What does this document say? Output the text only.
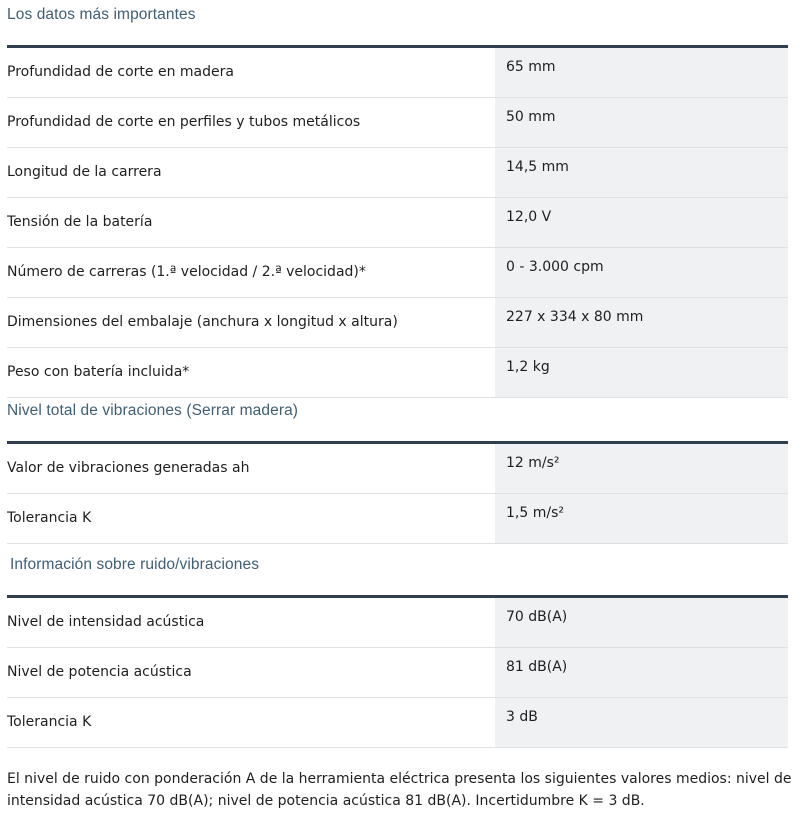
Los datos más importantes
Profundidad de corte en madera	65 mm
Profundidad de corte en perfiles y tubos metálicos	50 mm
Longitud de la carrera	14,5 mm
Tensión de la batería	12,0 V
Número de carreras (1.ª velocidad / 2.ª velocidad)*	0 - 3.000 cpm
Dimensiones del embalaje (anchura x longitud x altura)	227 x 334 x 80 mm
Peso con batería incluida*	1,2 kg
Nivel total de vibraciones (Serrar madera)
Valor de vibraciones generadas ah	12 m/s²
Tolerancia K	1,5 m/s²
Información sobre ruido/vibraciones
Nivel de intensidad acústica	70 dB(A)
Nivel de potencia acústica	81 dB(A)
Tolerancia K	3 dB
El nivel de ruido con ponderación A de la herramienta eléctrica presenta los siguientes valores medios: nivel de intensidad acústica 70 dB(A); nivel de potencia acústica 81 dB(A). Incertidumbre K = 3 dB.
